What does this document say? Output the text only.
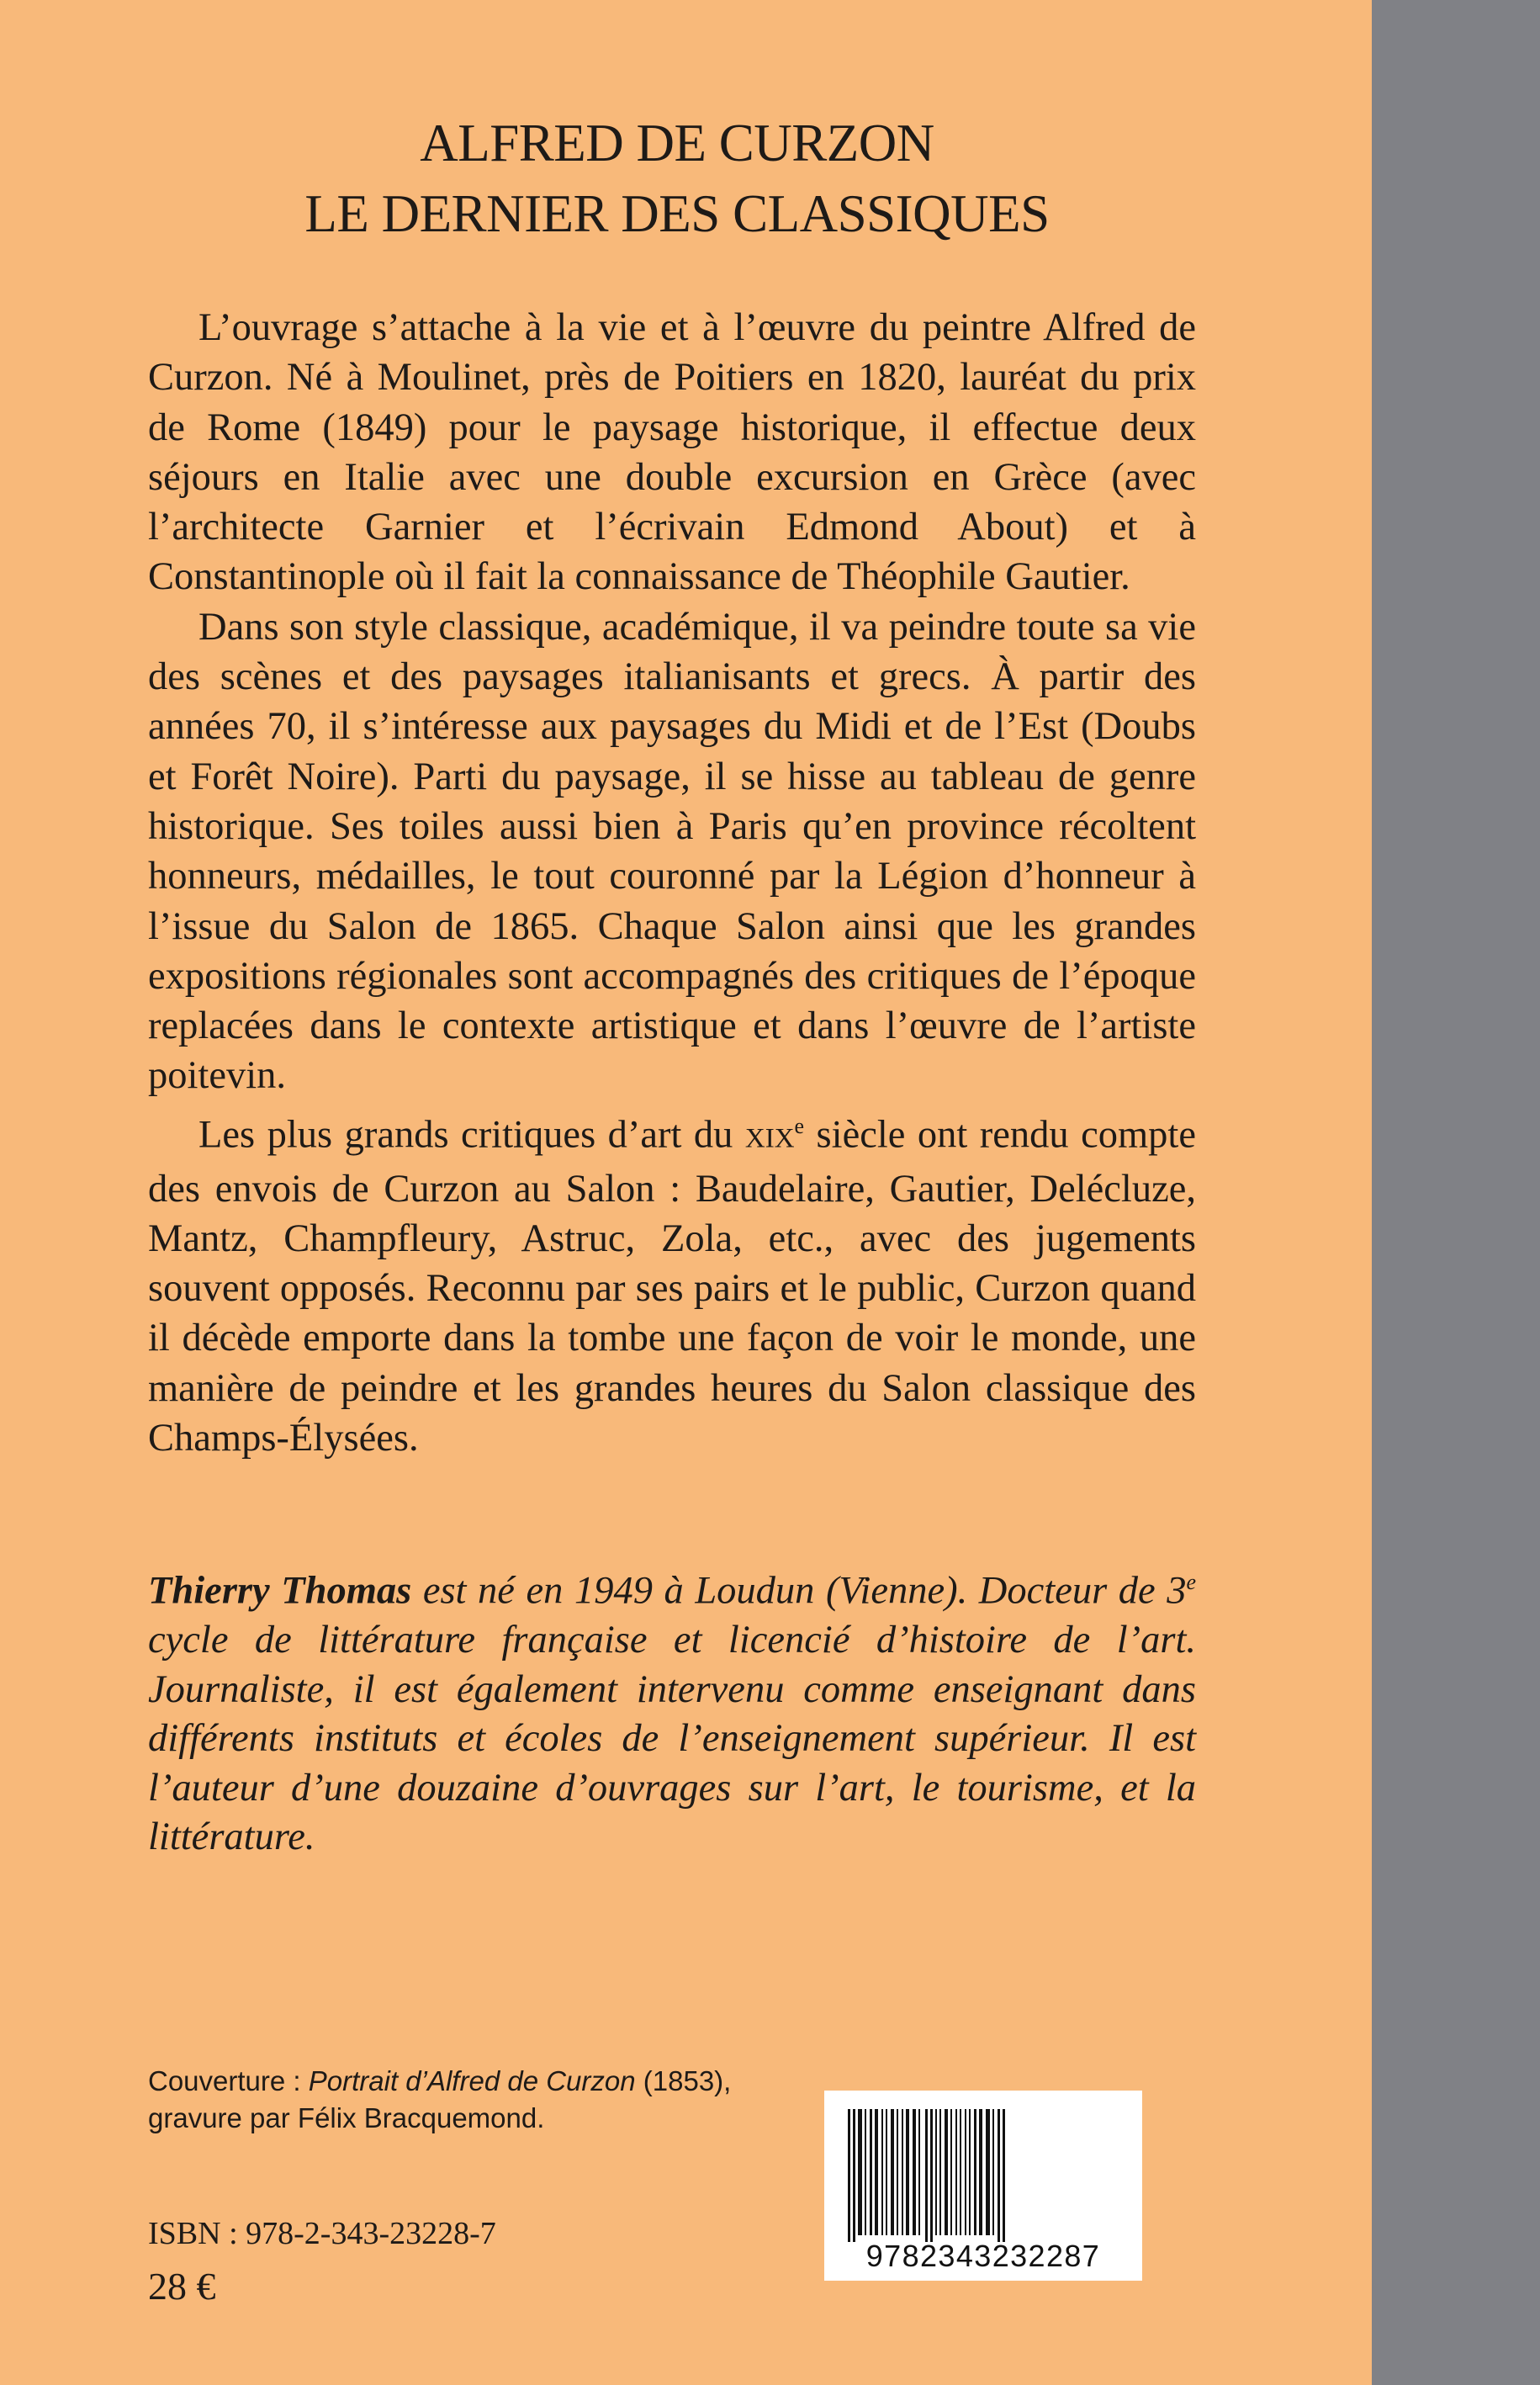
ALFRED DE CURZON
LE DERNIER DES CLASSIQUES

L’ouvrage s’attache à la vie et à l’œuvre du peintre Alfred de Curzon. Né à Moulinet, près de Poitiers en 1820, lauréat du prix de Rome (1849) pour le paysage historique, il effectue deux séjours en Italie avec une double excursion en Grèce (avec l’architecte Garnier et l’écrivain Edmond About) et à Constantinople où il fait la connaissance de Théophile Gautier.

Dans son style classique, académique, il va peindre toute sa vie des scènes et des paysages italianisants et grecs. À partir des années 70, il s’intéresse aux paysages du Midi et de l’Est (Doubs et Forêt Noire). Parti du paysage, il se hisse au tableau de genre historique. Ses toiles aussi bien à Paris qu’en province récoltent honneurs, médailles, le tout couronné par la Légion d’honneur à l’issue du Salon de 1865. Chaque Salon ainsi que les grandes expositions régionales sont accompagnés des critiques de l’époque replacées dans le contexte artistique et dans l’œuvre de l’artiste poitevin.

Les plus grands critiques d’art du XIXe siècle ont rendu compte des envois de Curzon au Salon : Baudelaire, Gautier, Delécluze, Mantz, Champfleury, Astruc, Zola, etc., avec des jugements souvent opposés. Reconnu par ses pairs et le public, Curzon quand il décède emporte dans la tombe une façon de voir le monde, une manière de peindre et les grandes heures du Salon classique des Champs-Élysées.

Thierry Thomas est né en 1949 à Loudun (Vienne). Docteur de 3e cycle de littérature française et licencié d’histoire de l’art. Journaliste, il est également intervenu comme enseignant dans différents instituts et écoles de l’enseignement supérieur. Il est l’auteur d’une douzaine d’ouvrages sur l’art, le tourisme, et la littérature.
Couverture : Portrait d’Alfred de Curzon (1853),
gravure par Félix Bracquemond.
ISBN : 978-2-343-23228-7
28 €
9782343232287
